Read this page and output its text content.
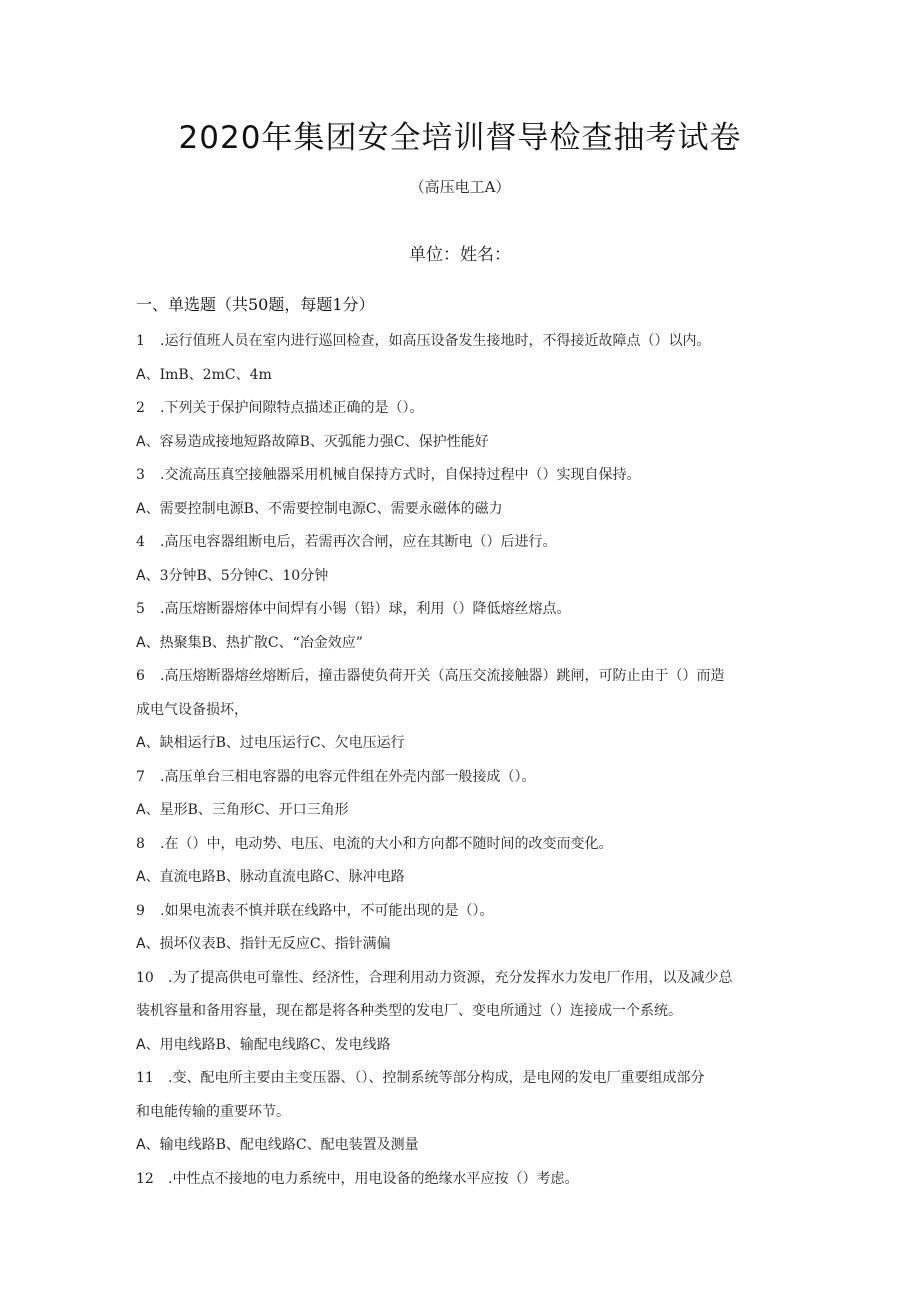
2020年集团安全培训督导检查抽考试卷
（高压电工A）
单位：姓名：
一、单选题（共50题，每题1分）
1 .运行值班人员在室内进行巡回检查，如高压设备发生接地时，不得接近故障点（）以内。
A、ImB、2mC、4m
2 .下列关于保护间隙特点描述正确的是（）。
A、容易造成接地短路故障B、灭弧能力强C、保护性能好
3 .交流高压真空接触器采用机械自保持方式时，自保持过程中（）实现自保持。
A、需要控制电源B、不需要控制电源C、需要永磁体的磁力
4 .高压电容器组断电后，若需再次合闸，应在其断电（）后进行。
A、3分钟B、5分钟C、10分钟
5 .高压熔断器熔体中间焊有小锡（铅）球，利用（）降低熔丝熔点。
A、热聚集B、热扩散C、“冶金效应”
6 .高压熔断器熔丝熔断后，撞击器使负荷开关（高压交流接触器）跳闸，可防止由于（）而造
成电气设备损坏，
A、缺相运行B、过电压运行C、欠电压运行
7 .高压单台三相电容器的电容元件组在外壳内部一般接成（）。
A、星形B、三角形C、开口三角形
8 .在（）中，电动势、电压、电流的大小和方向都不随时间的改变而变化。
A、直流电路B、脉动直流电路C、脉冲电路
9 .如果电流表不慎并联在线路中，不可能出现的是（）。
A、损坏仪表B、指针无反应C、指针满偏
10 .为了提高供电可靠性、经济性，合理利用动力资源，充分发挥水力发电厂作用，以及减少总
装机容量和备用容量，现在都是将各种类型的发电厂、变电所通过（）连接成一个系统。
A、用电线路B、输配电线路C、发电线路
11 .变、配电所主要由主变压器、（）、控制系统等部分构成，是电网的发电厂重要组成部分
和电能传输的重要环节。
A、输电线路B、配电线路C、配电装置及测量
12 .中性点不接地的电力系统中，用电设备的绝缘水平应按（）考虑。
